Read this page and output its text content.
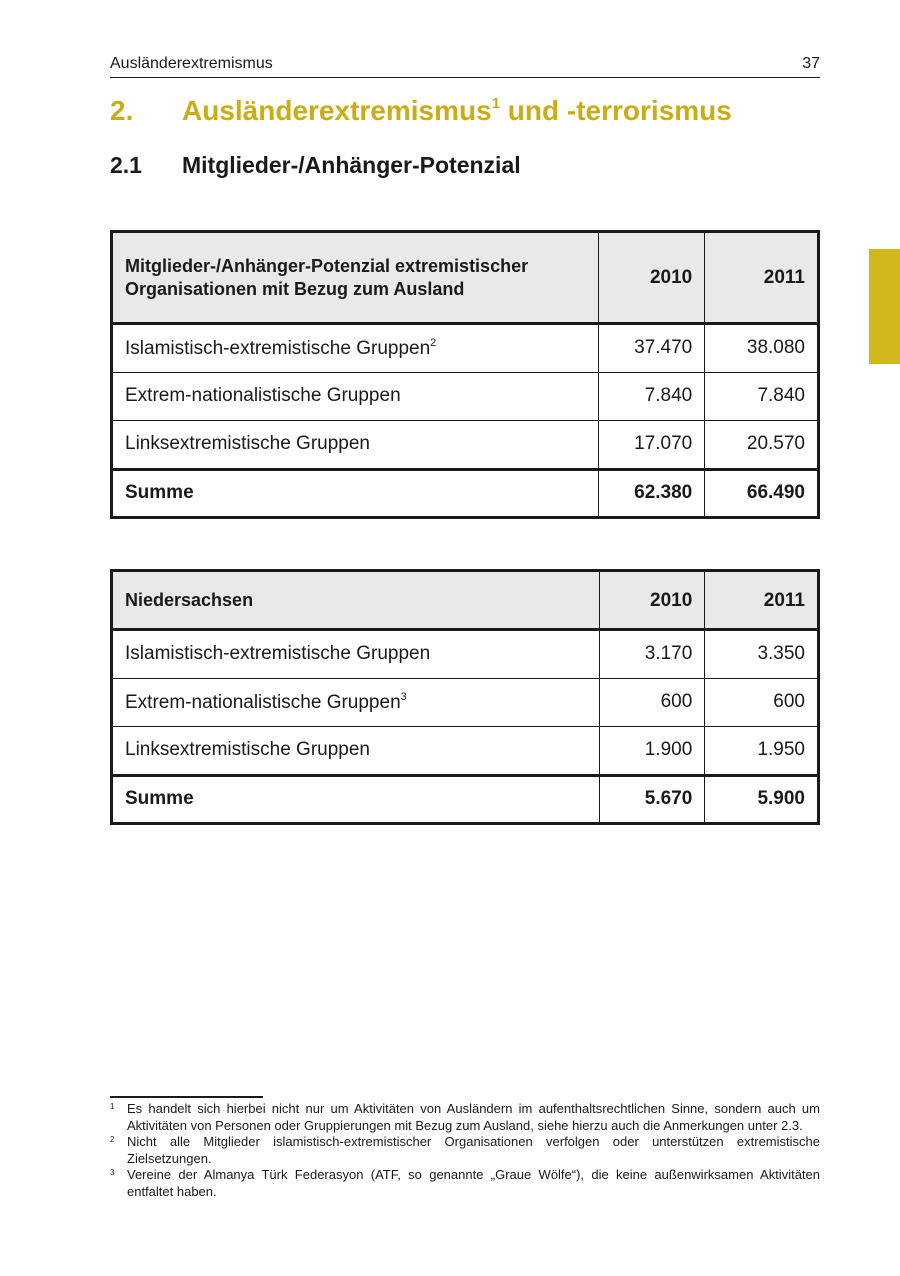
Ausländerextremismus	37
2. Ausländerextremismus$^1$ und -terrorismus
2.1 Mitglieder-/Anhänger-Potenzial
Mitglieder-/Anhänger-Potenzial extremistischer Organisationen mit Bezug zum Ausland	2010	2011
Islamistisch-extremistische Gruppen$^2$	37.470	38.080
Extrem-nationalistische Gruppen	7.840	7.840
Linksextremistische Gruppen	17.070	20.570
Summe	62.380	66.490
Niedersachsen	2010	2011
Islamistisch-extremistische Gruppen	3.170	3.350
Extrem-nationalistische Gruppen$^3$	600	600
Linksextremistische Gruppen	1.900	1.950
Summe	5.670	5.900
1 Es handelt sich hierbei nicht nur um Aktivitäten von Ausländern im aufenthaltsrechtlichen Sinne, sondern auch um Aktivitäten von Personen oder Gruppierungen mit Bezug zum Ausland, siehe hierzu auch die Anmerkungen unter 2.3.
2 Nicht alle Mitglieder islamistisch-extremistischer Organisationen verfolgen oder unterstützen extremistische Zielsetzungen.
3 Vereine der Almanya Türk Federasyon (ATF, so genannte „Graue Wölfe“), die keine außenwirksamen Aktivitäten entfaltet haben.
